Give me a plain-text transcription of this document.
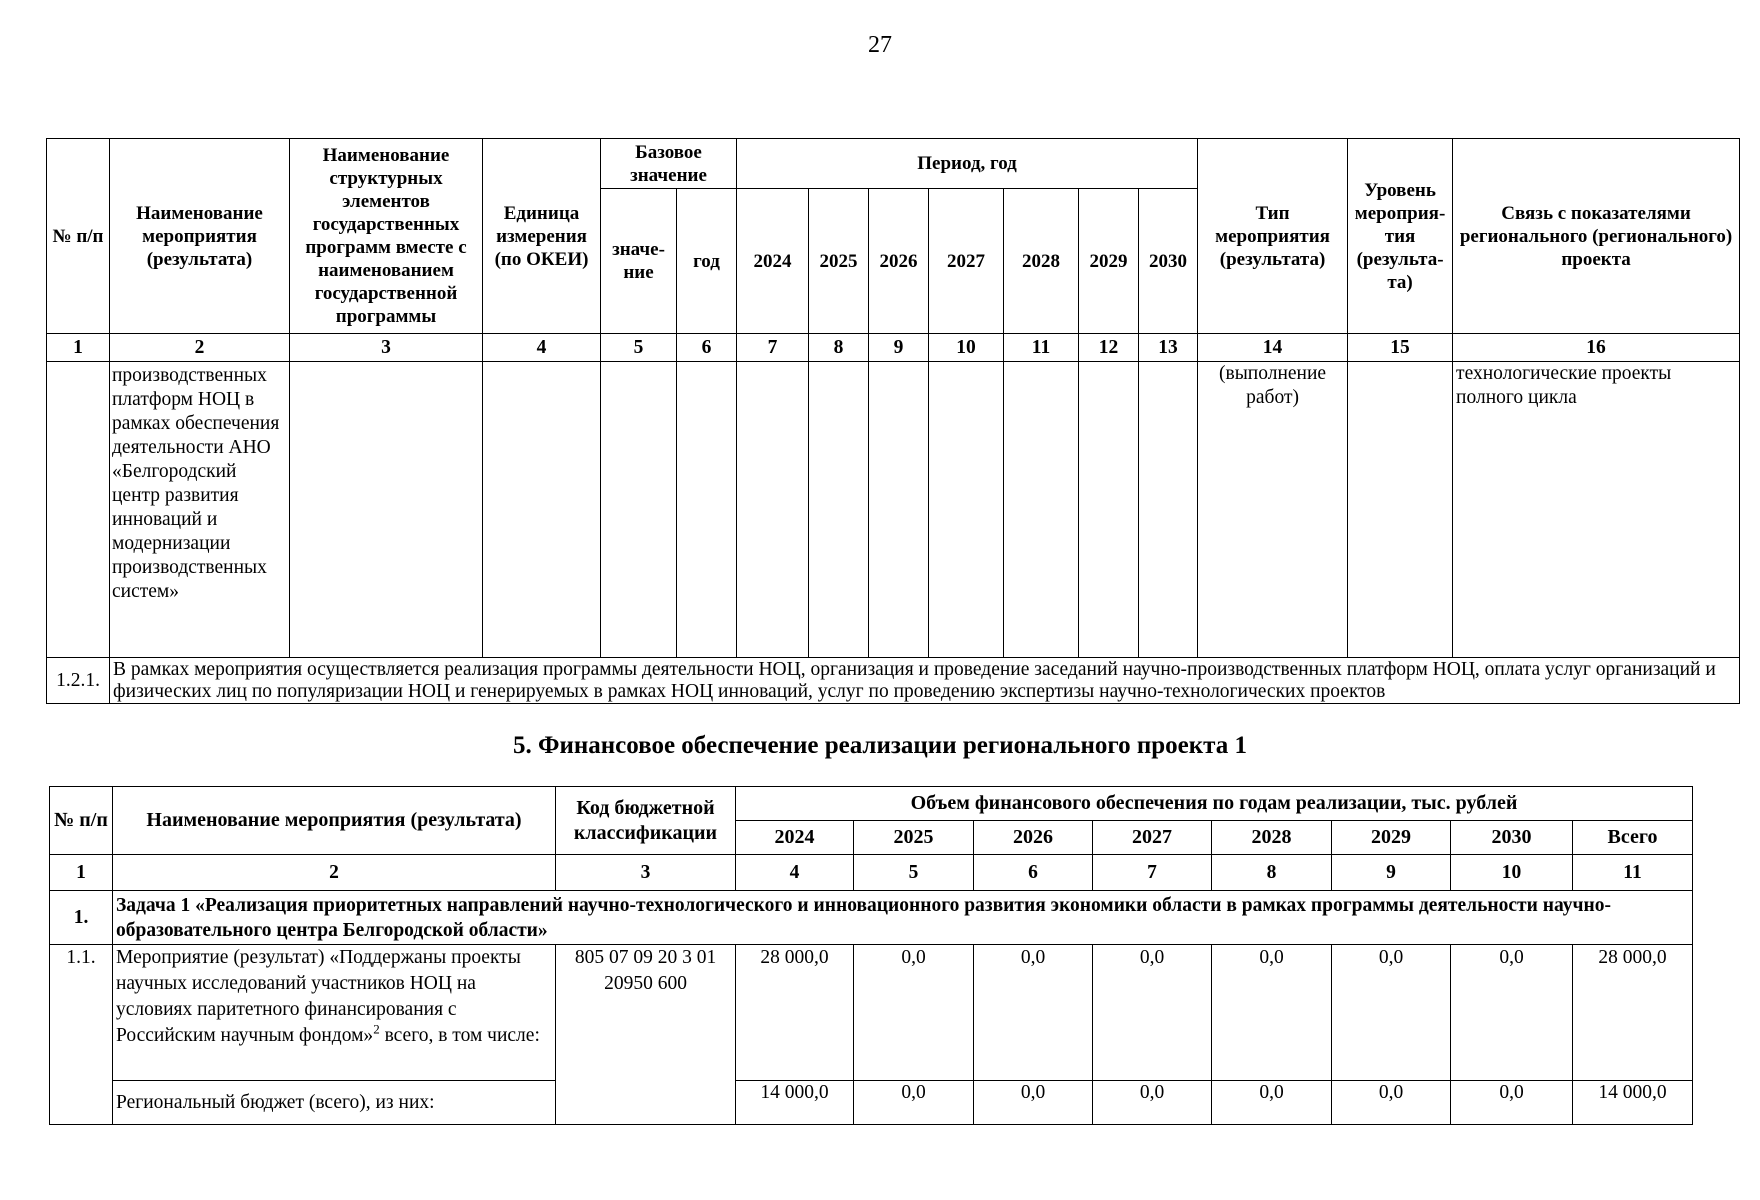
27
№ п/п	Наименование мероприятия (результата)	Наименование структурных элементов государственных программ вместе с наименованием государственной программы	Единица измерения (по ОКЕИ)	Базовое значение		Период, год							Тип мероприятия (результата)	Уровень мероприя-тия (результа-та)	Связь с показателями регионального (регионального) проекта
				значе-ние	год	2024	2025	2026	2027	2028	2029	2030			
1	2	3	4	5	6	7	8	9	10	11	12	13	14	15	16
	производственных платформ НОЦ в рамках обеспечения деятельности АНО «Белгородский центр развития инноваций и модернизации производственных систем»												(выполнение работ)		технологические проекты полного цикла
1.2.1.	В рамках мероприятия осуществляется реализация программы деятельности НОЦ, организация и проведение заседаний научно-производственных платформ НОЦ, оплата услуг организаций и физических лиц по популяризации НОЦ и генерируемых в рамках НОЦ инноваций, услуг по проведению экспертизы научно-технологических проектов														
5. Финансовое обеспечение реализации регионального проекта 1
№ п/п	Наименование мероприятия (результата)	Код бюджетной классификации	Объем финансового обеспечения по годам реализации, тыс. рублей							
			2024	2025	2026	2027	2028	2029	2030	Всего
1	2	3	4	5	6	7	8	9	10	11
1.	Задача 1 «Реализация приоритетных направлений научно-технологического и инновационного развития экономики области в рамках программы деятельности научно-образовательного центра Белгородской области»									
1.1.	Мероприятие (результат) «Поддержаны проекты научных исследований участников НОЦ на условиях паритетного финансирования с Российским научным фондом»$^2$ всего, в том числе:	805 07 09 20 3 01 20950 600	28 000,0	0,0	0,0	0,0	0,0	0,0	0,0	28 000,0
	Региональный бюджет (всего), из них:		14 000,0	0,0	0,0	0,0	0,0	0,0	0,0	14 000,0
